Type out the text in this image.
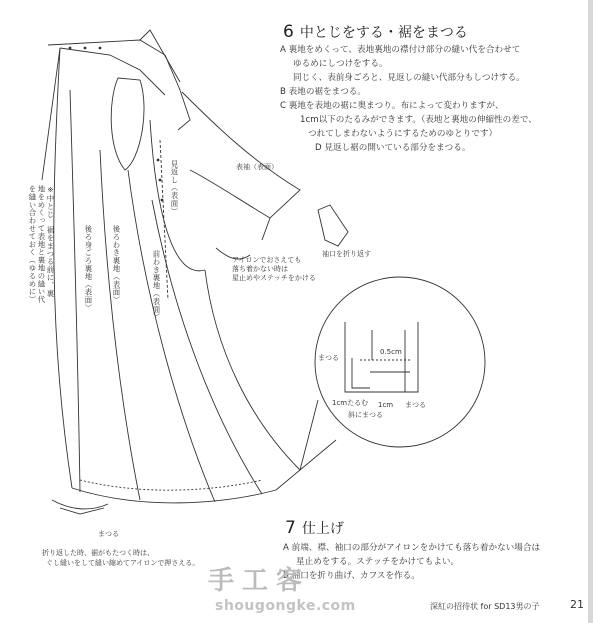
6 中とじをする・裾をまつる
A 裏地をめくって、表地裏地の襟付け部分の縫い代を合わせて
ゆるめにしつけをする。
同じく、表前身ごろと、見返しの縫い代部分もしつけする。
B 表地の裾をまつる。
C 裏地を表地の裾に奥まつり。布によって変わりますが、
1cm以下のたるみができます。（表地と裏地の伸縮性の差で、
つれてしまわないようにするためのゆとりです）
D 見返し裾の開いている部分をまつる。
7 仕上げ
A 前端、襟、袖口の部分がアイロンをかけても落ち着かない場合は
星止めをする。ステッチをかけてもよい。
B 袖口を折り曲げ、カフスを作る。
※中とじ　裾をまつる前に、裏地をめくって表地と裏地の縫い代を縫い合わせておく（ゆるめに）	後ろ身ごろ裏地（表面）	後ろわき裏地（表面）	前わき裏地（表面）
見返し（表面）	表袖（表面）
アイロンでおさえても
落ち着かない時は
星止めやステッチをかける
袖口を折り返す
まつる
0.5cm
1cmたるむ 1cm まつる
斜にまつる
まつる
折り返した時、裾がもたつく時は、
ぐし縫いをして縫い縮めてアイロンで押さえる。
手工客
shougongke.com	深紅の招待状 for SD13男の子	21
